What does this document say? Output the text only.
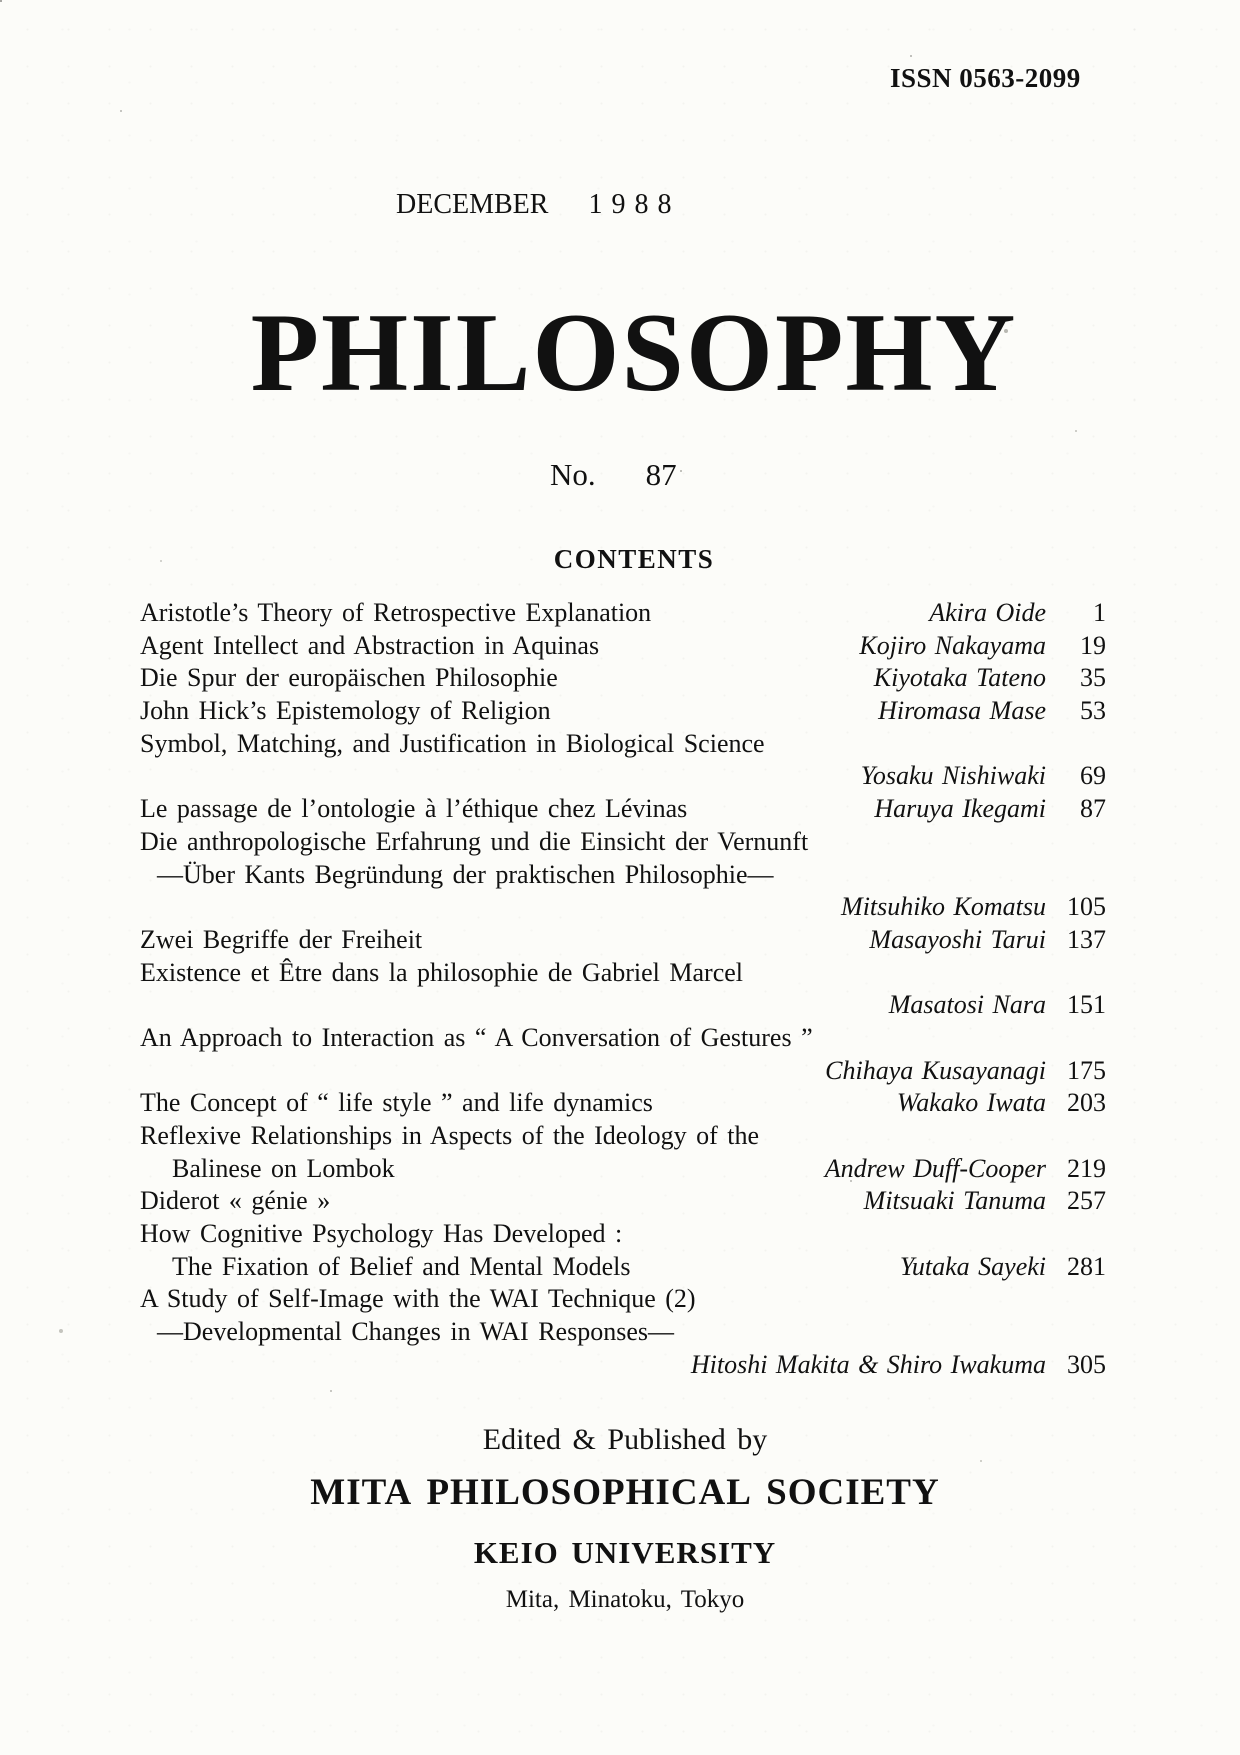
ISSN 0563-2099
DECEMBER 1988
PHILOSOPHY
No. 87
CONTENTS
Aristotle’s Theory of Retrospective Explanation	Akira Oide	1
Agent Intellect and Abstraction in Aquinas	Kojiro Nakayama	19
Die Spur der europäischen Philosophie	Kiyotaka Tateno	35
John Hick’s Epistemology of Religion	Hiromasa Mase	53
Symbol, Matching, and Justification in Biological Science
Yosaku Nishiwaki	69
Le passage de l’ontologie à l’éthique chez Lévinas	Haruya Ikegami	87
Die anthropologische Erfahrung und die Einsicht der Vernunft
—Über Kants Begründung der praktischen Philosophie—
Mitsuhiko Komatsu 105
Zwei Begriffe der Freiheit	Masayoshi Tarui 137
Existence et Être dans la philosophie de Gabriel Marcel
Masatosi Nara 151
An Approach to Interaction as “ A Conversation of Gestures ”
Chihaya Kusayanagi 175
The Concept of “ life style ” and life dynamics	Wakako Iwata 203
Reflexive Relationships in Aspects of the Ideology of the
Balinese on Lombok	Andrew Duff-Cooper 219
Diderot « génie »	Mitsuaki Tanuma 257
How Cognitive Psychology Has Developed :
The Fixation of Belief and Mental Models	Yutaka Sayeki 281
A Study of Self-Image with the WAI Technique (2)
—Developmental Changes in WAI Responses—
Hitoshi Makita & Shiro Iwakuma 305
Edited & Published by
MITA PHILOSOPHICAL SOCIETY
KEIO UNIVERSITY
Mita, Minatoku, Tokyo
